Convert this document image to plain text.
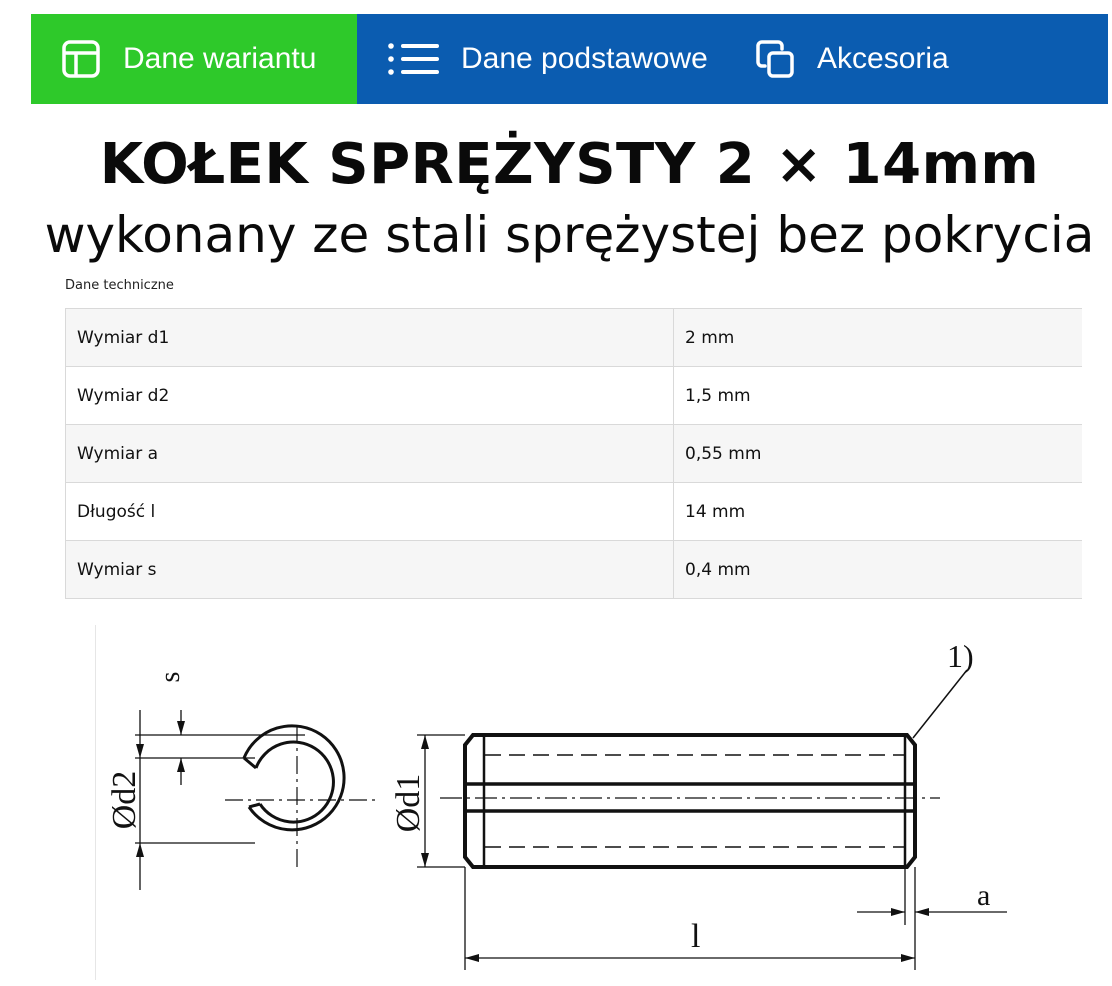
Dane wariantu	Dane podstawowe	Akcesoria
KOŁEK SPRĘŻYSTY 2 × 14mm
wykonany ze stali sprężystej bez pokrycia
Dane techniczne
Wymiar d1	2 mm
Wymiar d2	1,5 mm
Wymiar a	0,55 mm
Długość l	14 mm
Wymiar s	0,4 mm
s
Ød2	Ød1
1)
a
l
